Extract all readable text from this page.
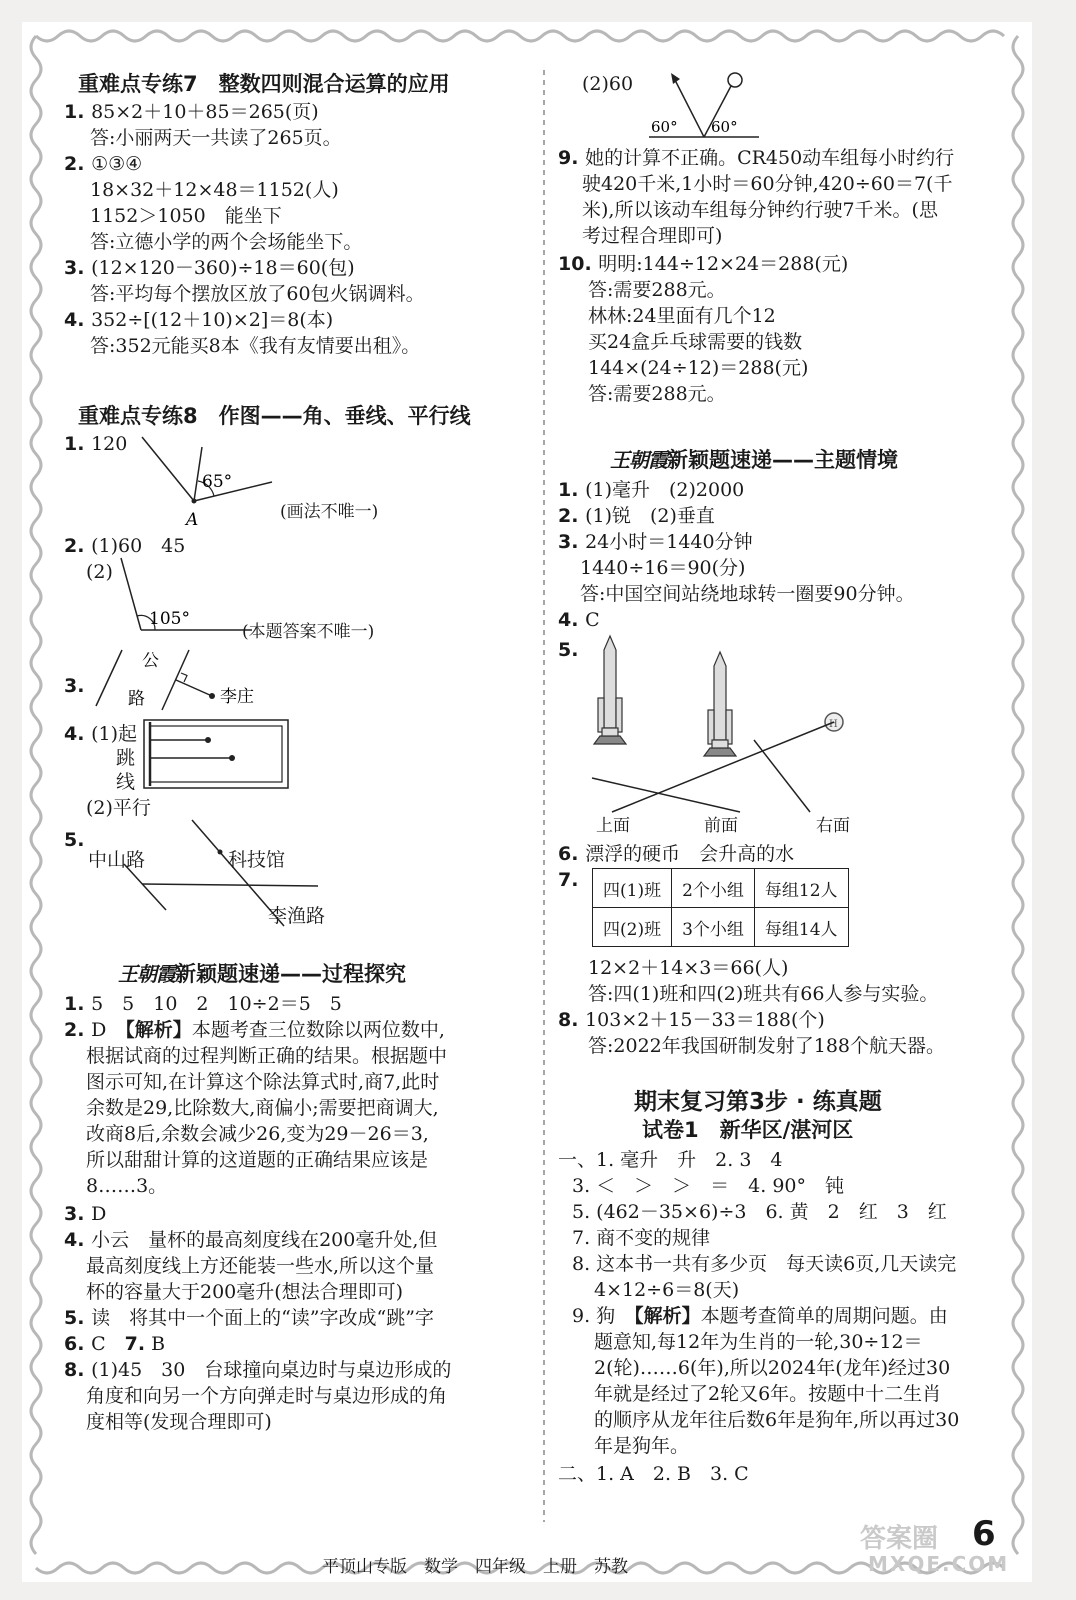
重难点专练7　整数四则混合运算的应用
1. 85×2＋10＋85＝265(页)
答:小丽两天一共读了265页。
2. ①③④
18×32＋12×48＝1152(人)
1152＞1050　能坐下
答:立德小学的两个会场能坐下。
3. (12×120－360)÷18＝60(包)
答:平均每个摆放区放了60包火锅调料。
4. 352÷[(12＋10)×2]＝8(本)
答:352元能买8本《我有友情要出租》。
重难点专练8　作图——角、垂线、平行线
1. 120
65°
A	(画法不唯一)
2. (1)60　45
(2)
105°
(本题答案不唯一)
3.
公
路	李庄
4. (1)起
跳
线
(2)平行
5.
中山路	科技馆
李渔路
王朝霞新颖题速递——过程探究
1. 5　5　10　2　10÷2＝5　5
2. D　【解析】本题考查三位数除以两位数中,
根据试商的过程判断正确的结果。根据题中
图示可知,在计算这个除法算式时,商7,此时
余数是29,比除数大,商偏小;需要把商调大,
改商8后,余数会减少26,变为29－26＝3,
所以甜甜计算的这道题的正确结果应该是
8……3。
3. D
4. 小云　量杯的最高刻度线在200毫升处,但
最高刻度线上方还能装一些水,所以这个量
杯的容量大于200毫升(想法合理即可)
5. 读　将其中一个面上的“读”字改成“跳”字
6. C　7. B
8. (1)45　30　台球撞向桌边时与桌边形成的
角度和向另一个方向弹走时与桌边形成的角
度相等(发现合理即可)
(2)60
60° 60°
9. 她的计算不正确。CR450动车组每小时约行
驶420千米,1小时＝60分钟,420÷60＝7(千
米),所以该动车组每分钟约行驶7千米。(思
考过程合理即可)
10. 明明:144÷12×24＝288(元)
答:需要288元。
林林:24里面有几个12
买24盒乒乓球需要的钱数
144×(24÷12)＝288(元)
答:需要288元。
王朝霞新颖题速递——主题情境
1. (1)毫升　(2)2000
2. (1)锐　(2)垂直
3. 24小时＝1440分钟
1440÷16＝90(分)
答:中国空间站绕地球转一圈要90分钟。
4. C
5.
H
上面	前面	右面
6. 漂浮的硬币　会升高的水
7. 四(1)班	2个小组	每组12人
四(2)班	3个小组	每组14人
12×2＋14×3＝66(人)
答:四(1)班和四(2)班共有66人参与实验。
8. 103×2＋15－33＝188(个)
答:2022年我国研制发射了188个航天器。
期末复习第3步 · 练真题
试卷1　新华区/湛河区
一、1. 毫升　升　2. 3　4
3. ＜　＞　＞　＝　4. 90°　钝
5. (462－35×6)÷3　6. 黄　2　红　3　红
7. 商不变的规律
8. 这本书一共有多少页　每天读6页,几天读完
4×12÷6＝8(天)
9. 狗　【解析】本题考查简单的周期问题。由
题意知,每12年为生肖的一轮,30÷12＝
2(轮)……6(年),所以2024年(龙年)经过30
年就是经过了2轮又6年。按题中十二生肖
的顺序从龙年往后数6年是狗年,所以再过30
年是狗年。
二、1. A　2. B　3. C
答案圈
MXQE.COM
6
平顶山专版　数学　四年级　上册　苏教
